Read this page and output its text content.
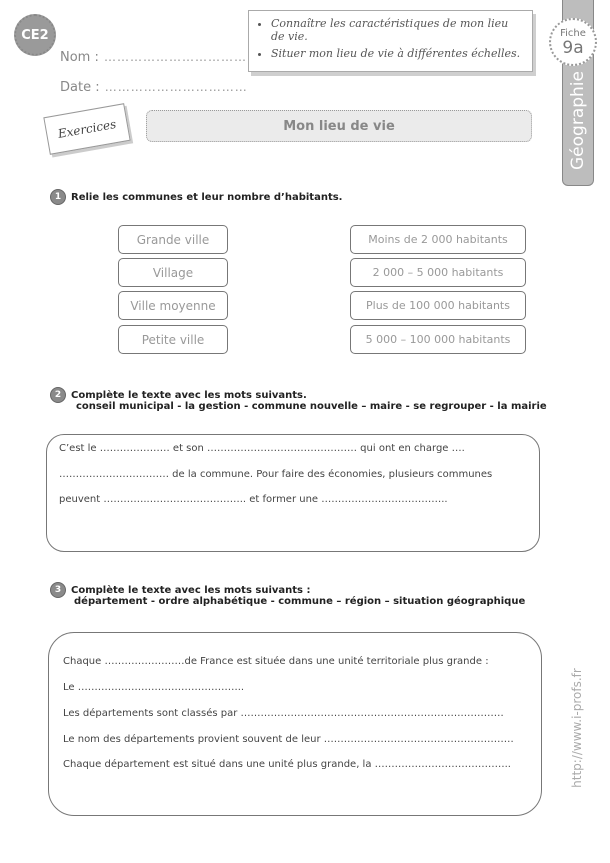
CE2
Nom : ……………………………
Date : ……………………………
• Connaître les caractéristiques de mon lieu de vie.
• Situer mon lieu de vie à différentes échelles.
Géographie
Fiche
9a
Exercices	Mon lieu de vie
1 Relie les communes et leur nombre d’habitants.
Grande ville
Village
Ville moyenne
Petite ville
Moins de 2 000 habitants
2 000 – 5 000 habitants
Plus de 100 000 habitants
5 000 – 100 000 habitants
2 Complète le texte avec les mots suivants.
conseil municipal - la gestion - commune nouvelle – maire - se regrouper - la mairie
C’est le ………………… et son ……………………………………… qui ont en charge ….
…………………………… de la commune. Pour faire des économies, plusieurs communes
peuvent …………..……………………….. et former une ………………………………..
3 Complète le texte avec les mots suivants :
département - ordre alphabétique - commune – région – situation géographique
Chaque ……………………de France est située dans une unité territoriale plus grande :
Le …………………………………………..
Les départements sont classés par ………………………………………………………….…………
Le nom des départements provient souvent de leur …………………………………………………
Chaque département est situé dans une unité plus grande, la …………………………………..	http://www.i-profs.fr
